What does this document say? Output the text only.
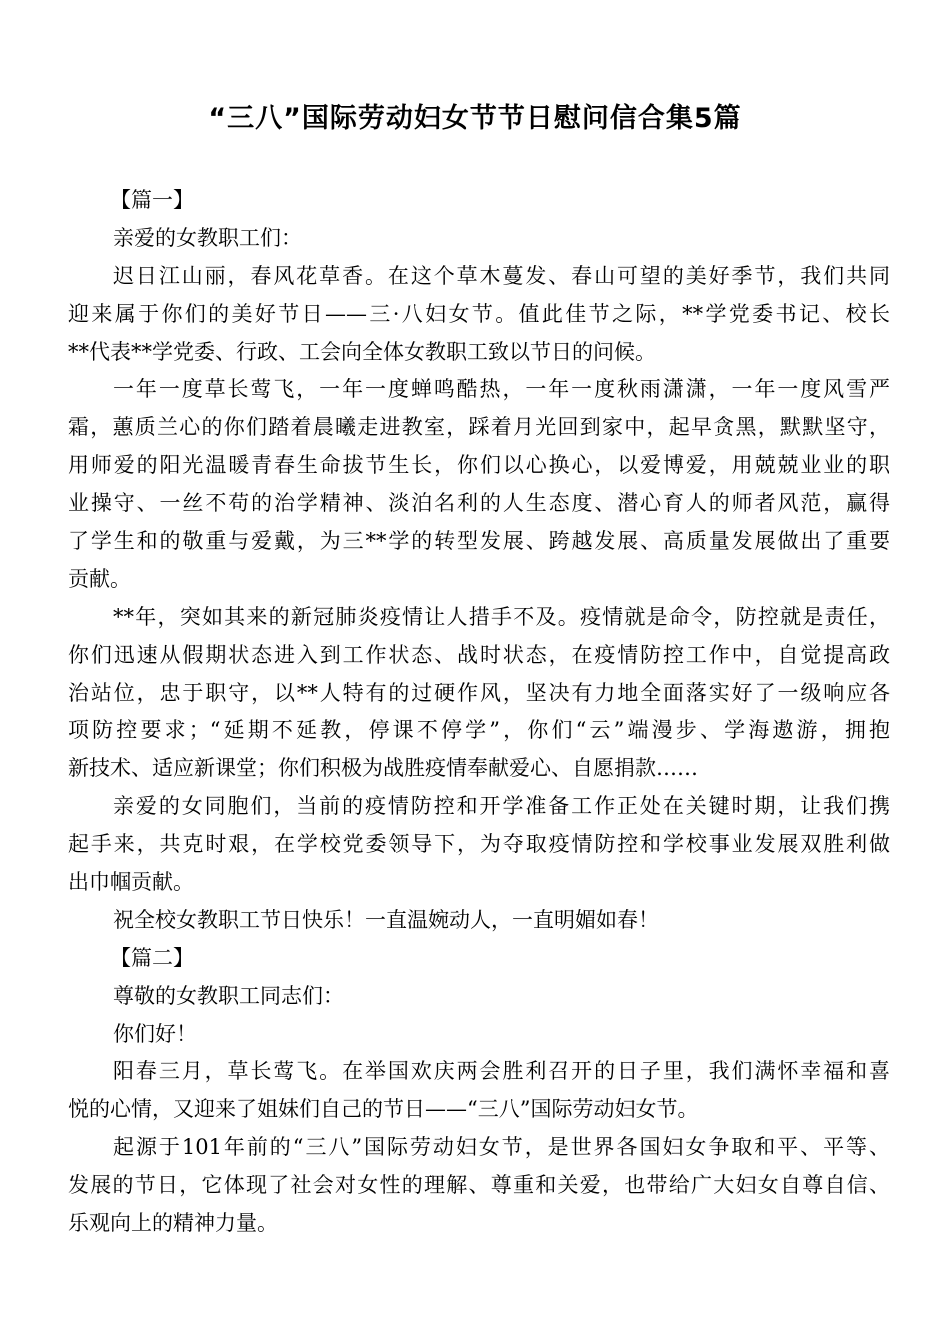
“三八”国际劳动妇女节节日慰问信合集5篇
【篇一】
亲爱的女教职工们：
迟日江山丽，春风花草香。在这个草木蔓发、春山可望的美好季节，我们共同
迎来属于你们的美好节日——三·八妇女节。值此佳节之际，**学党委书记、校长
**代表**学党委、行政、工会向全体女教职工致以节日的问候。
一年一度草长莺飞，一年一度蝉鸣酷热，一年一度秋雨潇潇，一年一度风雪严
霜，蕙质兰心的你们踏着晨曦走进教室，踩着月光回到家中，起早贪黑，默默坚守，
用师爱的阳光温暖青春生命拔节生长，你们以心换心，以爱博爱，用兢兢业业的职
业操守、一丝不苟的治学精神、淡泊名利的人生态度、潜心育人的师者风范，赢得
了学生和的敬重与爱戴，为三**学的转型发展、跨越发展、高质量发展做出了重要
贡献。
**年，突如其来的新冠肺炎疫情让人措手不及。疫情就是命令，防控就是责任，
你们迅速从假期状态进入到工作状态、战时状态，在疫情防控工作中，自觉提高政
治站位，忠于职守，以**人特有的过硬作风，坚决有力地全面落实好了一级响应各
项防控要求；“延期不延教，停课不停学”，你们“云”端漫步、学海遨游，拥抱
新技术、适应新课堂；你们积极为战胜疫情奉献爱心、自愿捐款……
亲爱的女同胞们，当前的疫情防控和开学准备工作正处在关键时期，让我们携
起手来，共克时艰，在学校党委领导下，为夺取疫情防控和学校事业发展双胜利做
出巾帼贡献。
祝全校女教职工节日快乐！一直温婉动人，一直明媚如春！
【篇二】
尊敬的女教职工同志们：
你们好！
阳春三月，草长莺飞。在举国欢庆两会胜利召开的日子里，我们满怀幸福和喜
悦的心情，又迎来了姐妹们自己的节日——“三八”国际劳动妇女节。
起源于101年前的“三八”国际劳动妇女节，是世界各国妇女争取和平、平等、
发展的节日，它体现了社会对女性的理解、尊重和关爱，也带给广大妇女自尊自信、
乐观向上的精神力量。
